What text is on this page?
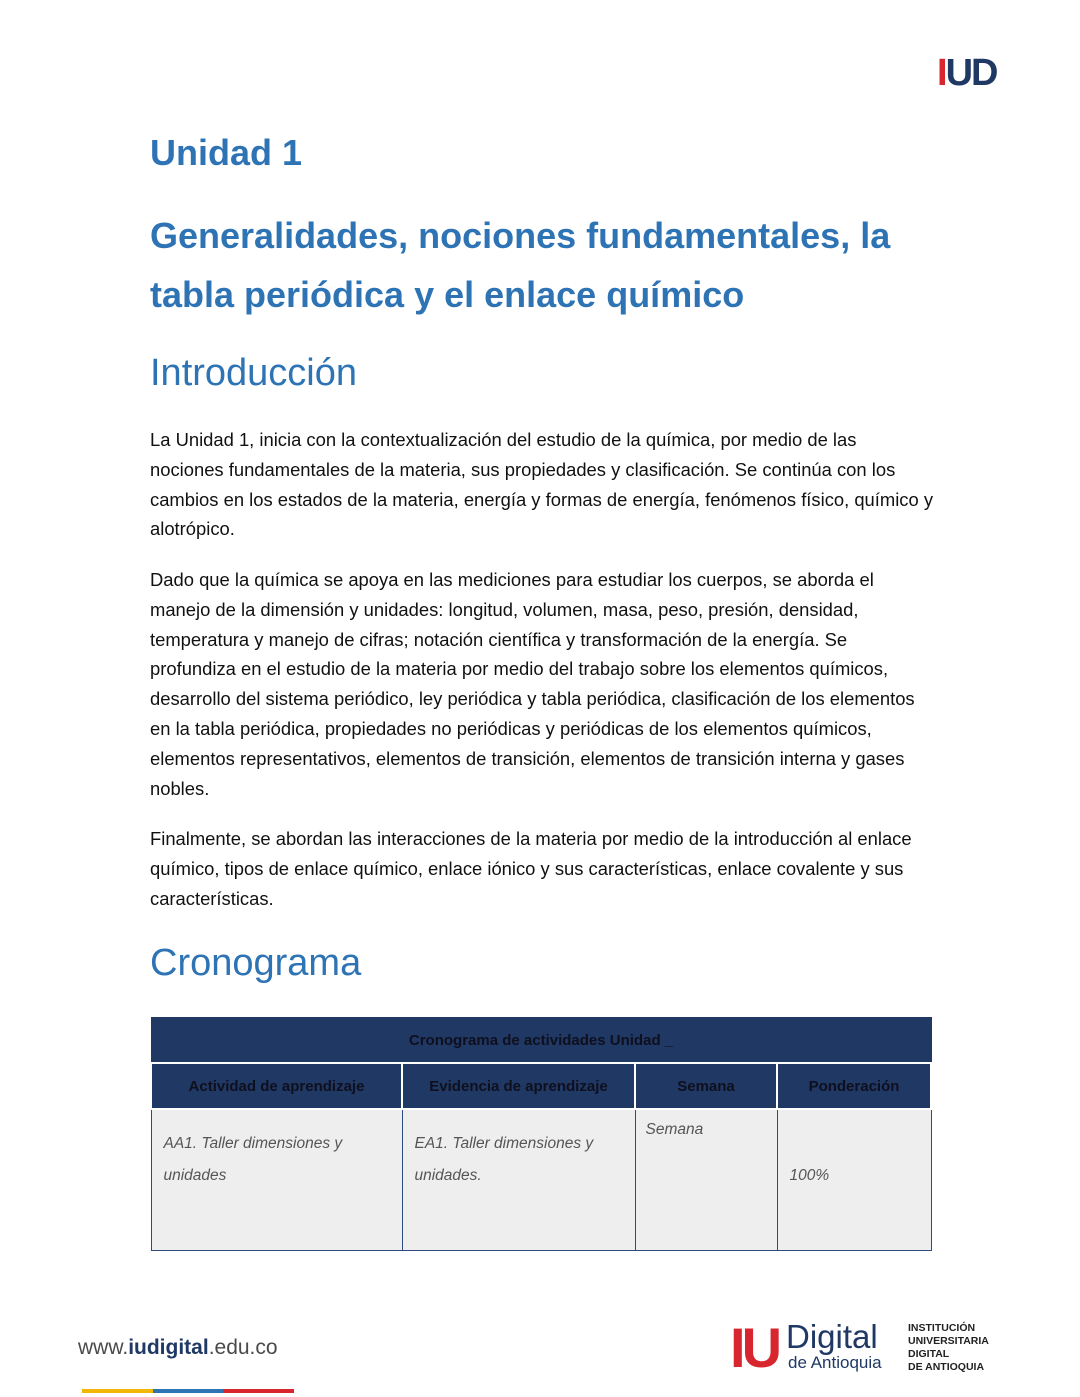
IUD
Unidad 1
Generalidades, nociones fundamentales, la tabla periódica y el enlace químico
Introducción

La Unidad 1, inicia con la contextualización del estudio de la química, por medio de las nociones fundamentales de la materia, sus propiedades y clasificación. Se continúa con los cambios en los estados de la materia, energía y formas de energía, fenómenos físico, químico y alotrópico.

Dado que la química se apoya en las mediciones para estudiar los cuerpos, se aborda el manejo de la dimensión y unidades: longitud, volumen, masa, peso, presión, densidad, temperatura y manejo de cifras; notación científica y transformación de la energía. Se profundiza en el estudio de la materia por medio del trabajo sobre los elementos químicos, desarrollo del sistema periódico, ley periódica y tabla periódica, clasificación de los elementos en la tabla periódica, propiedades no periódicas y periódicas de los elementos químicos, elementos representativos, elementos de transición, elementos de transición interna y gases nobles.

Finalmente, se abordan las interacciones de la materia por medio de la introducción al enlace químico, tipos de enlace químico, enlace iónico y sus características, enlace covalente y sus características.

Cronograma
Cronograma de actividades Unidad _			
Actividad de aprendizaje	Evidencia de aprendizaje	Semana	Ponderación

AA1. Taller dimensiones y unidades	EA1. Taller dimensiones y unidades.	Semana	100%
www.iudigital.edu.co	IU Digital
de Antioquia
INSTITUCIÓN
UNIVERSITARIA
DIGITAL
DE ANTIOQUIA
